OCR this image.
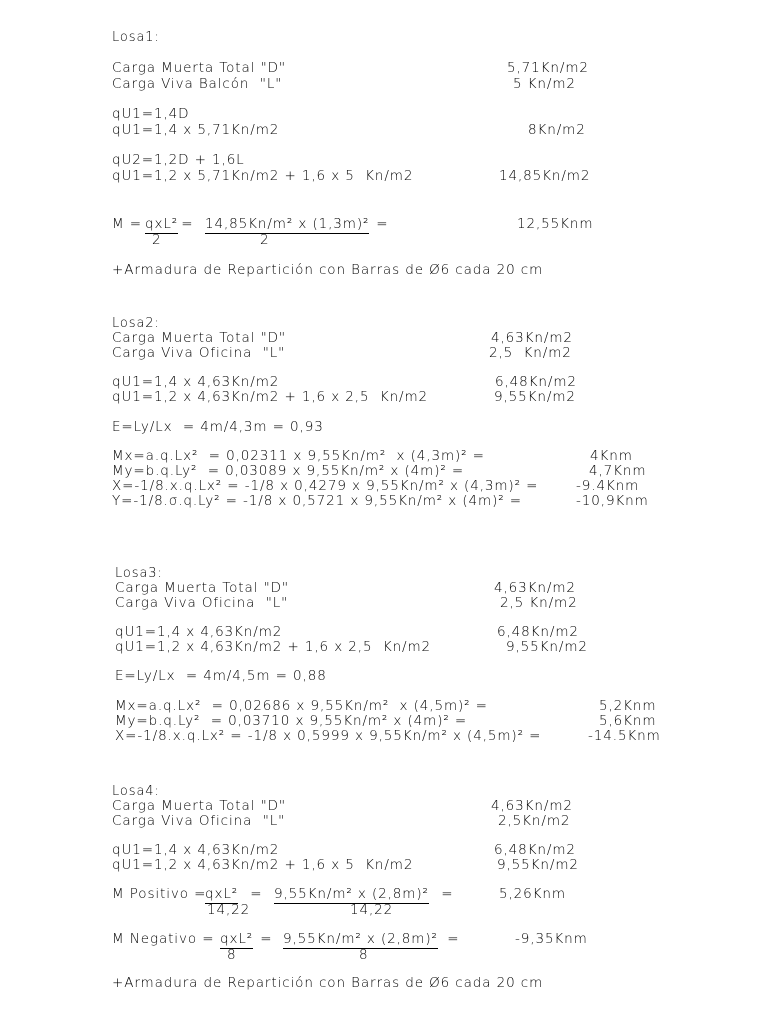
Losa1:
Carga Muerta Total "D"	5,71Kn/m2
Carga Viva Balcón  "L"	5 Kn/m2
qU1=1,4D
qU1=1,4 x 5,71Kn/m2	8Kn/m2
qU2=1,2D + 1,6L
qU1=1,2 x 5,71Kn/m2 + 1,6 x 5  Kn/m2	14,85Kn/m2
M = qxL²
= 14,85Kn/m² x (1,3m)² =
2	2
12,55Knm
+Armadura de Repartición con Barras de Ø6 cada 20 cm
Losa2:
Carga Muerta Total "D"	4,63Kn/m2
Carga Viva Oficina  "L"	2,5  Kn/m2
qU1=1,4 x 4,63Kn/m2	6,48Kn/m2
qU1=1,2 x 4,63Kn/m2 + 1,6 x 2,5  Kn/m2	9,55Kn/m2
E=Ly/Lx  = 4m/4,3m = 0,93
Mx=a.q.Lx²  = 0,02311 x 9,55Kn/m²  x (4,3m)² =	4Knm
My=b.q.Ly²  = 0,03089 x 9,55Kn/m² x (4m)² =	4,7Knm
X=-1/8.x.q.Lx² = -1/8 x 0,4279 x 9,55Kn/m² x (4,3m)² =	-9.4Knm
Y=-1/8.σ.q.Ly² = -1/8 x 0,5721 x 9,55Kn/m² x (4m)² =	-10,9Knm
Losa3:
Carga Muerta Total "D"	4,63Kn/m2
Carga Viva Oficina  "L"	2,5 Kn/m2
qU1=1,4 x 4,63Kn/m2	6,48Kn/m2
qU1=1,2 x 4,63Kn/m2 + 1,6 x 2,5  Kn/m2	9,55Kn/m2
E=Ly/Lx  = 4m/4,5m = 0,88
Mx=a.q.Lx²  = 0,02686 x 9,55Kn/m²  x (4,5m)² =	5,2Knm
My=b.q.Ly²  = 0,03710 x 9,55Kn/m² x (4m)² =	5,6Knm
X=-1/8.x.q.Lx² = -1/8 x 0,5999 x 9,55Kn/m² x (4,5m)² =	-14.5Knm
Losa4:
Carga Muerta Total "D"	4,63Kn/m2
Carga Viva Oficina  "L"	2,5Kn/m2
qU1=1,4 x 4,63Kn/m2	6,48Kn/m2
qU1=1,2 x 4,63Kn/m2 + 1,6 x 5  Kn/m2	9,55Kn/m2
M Positivo =
qxL² = 9,55Kn/m² x (2,8m)² =
14,22	14,22
5,26Knm
M Negativo = qxL² = 9,55Kn/m² x (2,8m)² =
8	8
-9,35Knm
+Armadura de Repartición con Barras de Ø6 cada 20 cm
